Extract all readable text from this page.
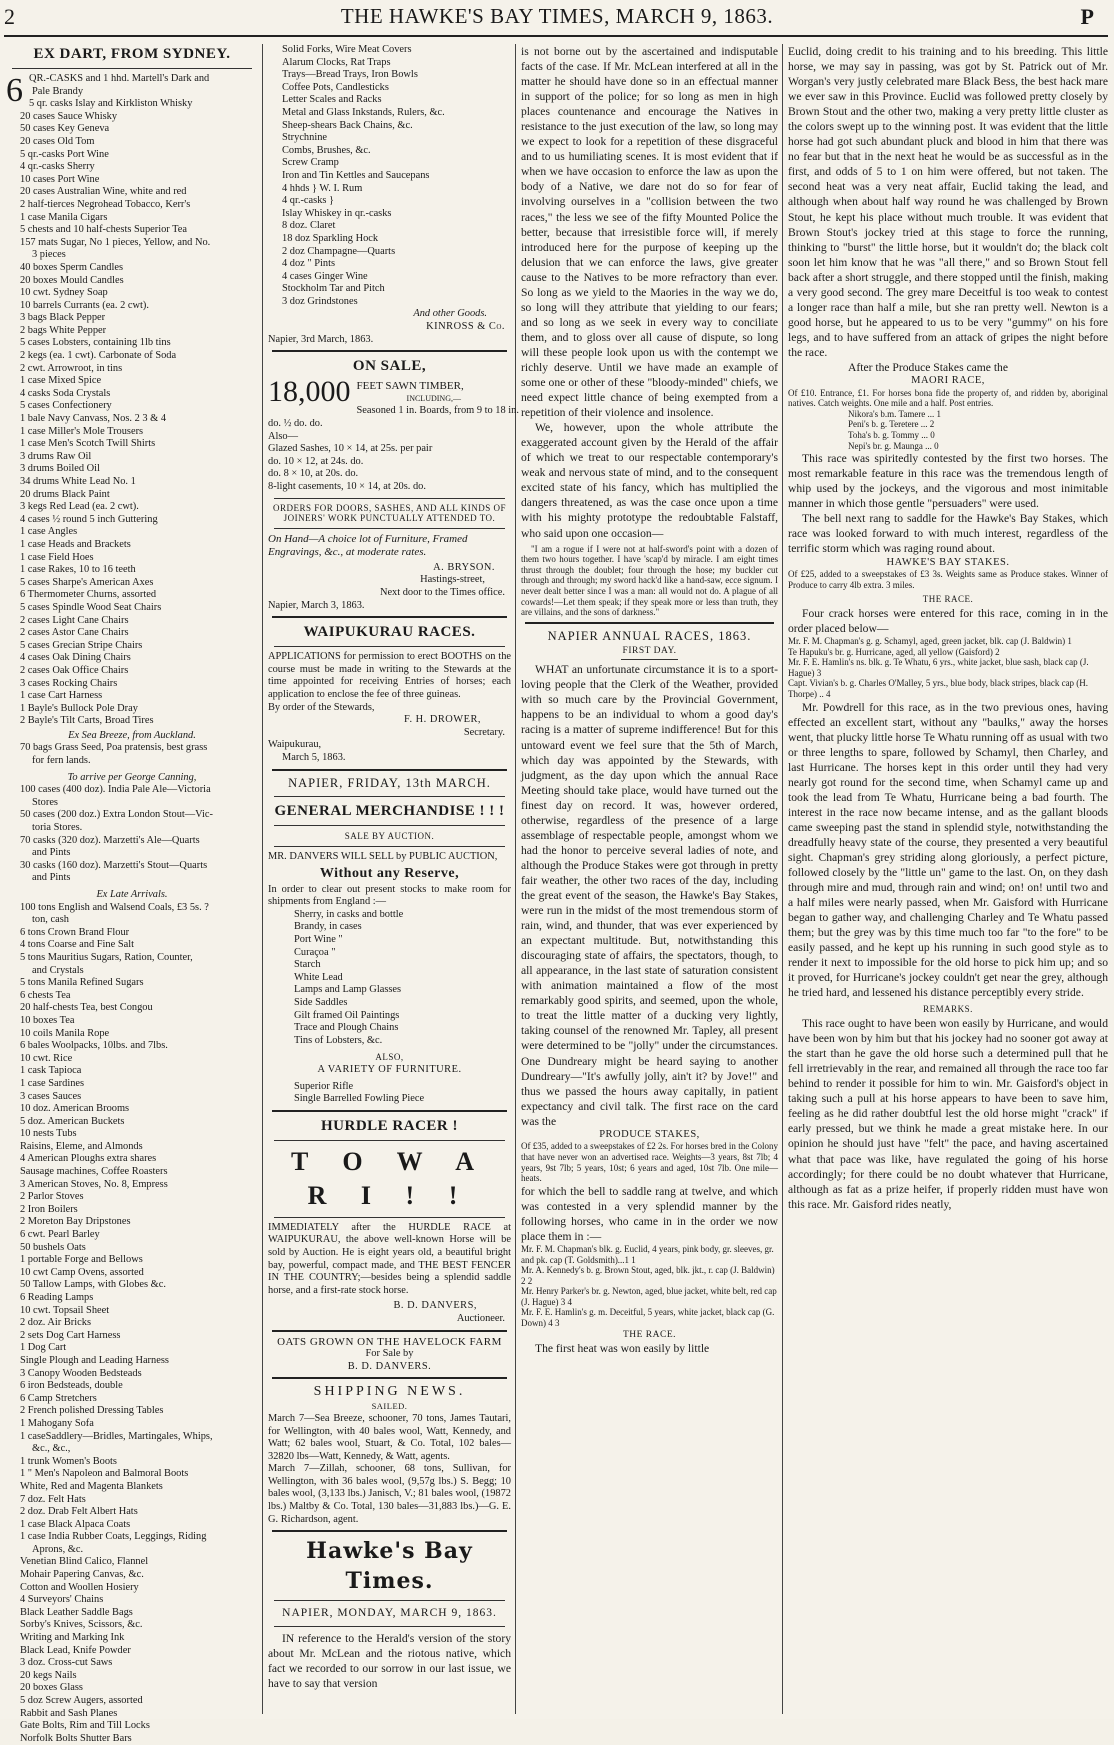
2	THE HAWKE'S BAY TIMES, MARCH 9, 1863.	P
EX DART, FROM SYDNEY.
6 QR.-CASKS and 1 hhd. Martell's Dark and
Pale Brandy
5 qr. casks Islay and Kirkliston Whisky
20 cases Sauce Whisky
50 cases Key Geneva
20 cases Old Tom
5 qr.-casks Port Wine
4 qr.-casks Sherry
10 cases Port Wine
20 cases Australian Wine, white and red
2 half-tierces Negrohead Tobacco, Kerr's
1 case Manila Cigars
5 chests and 10 half-chests Superior Tea
157 mats Sugar, No 1 pieces, Yellow, and No.
3 pieces
40 boxes Sperm Candles
20 boxes Mould Candles
10 cwt. Sydney Soap
10 barrels Currants (ea. 2 cwt).
3 bags Black Pepper
2 bags White Pepper
5 cases Lobsters, containing 1lb tins
2 kegs (ea. 1 cwt). Carbonate of Soda
2 cwt. Arrowroot, in tins
1 case Mixed Spice
4 casks Soda Crystals
5 cases Confectionery
1 bale Navy Canvass, Nos. 2 3 & 4
1 case Miller's Mole Trousers
1 case Men's Scotch Twill Shirts
3 drums Raw Oil
3 drums Boiled Oil
34 drums White Lead No. 1
20 drums Black Paint
3 kegs Red Lead (ea. 2 cwt).
4 cases ½ round 5 inch Guttering
1 case Angles
1 case Heads and Brackets
1 case Field Hoes
1 case Rakes, 10 to 16 teeth
5 cases Sharpe's American Axes
6 Thermometer Churns, assorted
5 cases Spindle Wood Seat Chairs
2 cases Light Cane Chairs
2 cases Astor Cane Chairs
5 cases Grecian Stripe Chairs
4 cases Oak Dining Chairs
2 cases Oak Office Chairs
3 cases Rocking Chairs
1 case Cart Harness
1 Bayle's Bullock Pole Dray
2 Bayle's Tilt Carts, Broad Tires
Ex Sea Breeze, from Auckland.
70 bags Grass Seed, Poa pratensis, best grass
for fern lands.
To arrive per George Canning,
100 cases (400 doz). India Pale Ale—Victoria
Stores
50 cases (200 doz.) Extra London Stout—Vic-
toria Stores.
70 casks (320 doz). Marzetti's Ale—Quarts
and Pints
30 casks (160 doz). Marzetti's Stout—Quarts
and Pints
Ex Late Arrivals.
100 tons English and Walsend Coals, £3 5s. ?
ton, cash
6 tons Crown Brand Flour
4 tons Coarse and Fine Salt
5 tons Mauritius Sugars, Ration, Counter,
and Crystals
5 tons Manila Refined Sugars
6 chests Tea
20 half-chests Tea, best Congou
10 boxes Tea
10 coils Manila Rope
6 bales Woolpacks, 10lbs. and 7lbs.
10 cwt. Rice
1 cask Tapioca
1 case Sardines
3 cases Sauces
10 doz. American Brooms
5 doz. American Buckets
10 nests Tubs
Raisins, Eleme, and Almonds
4 American Ploughs extra shares
Sausage machines, Coffee Roasters
3 American Stoves, No. 8, Empress
2 Parlor Stoves
2 Iron Boilers
2 Moreton Bay Dripstones
6 cwt. Pearl Barley
50 bushels Oats
1 portable Forge and Bellows
10 cwt Camp Ovens, assorted
50 Tallow Lamps, with Globes &c.
6 Reading Lamps
10 cwt. Topsail Sheet
2 doz. Air Bricks
2 sets Dog Cart Harness
1 Dog Cart
Single Plough and Leading Harness
3 Canopy Wooden Bedsteads
6 iron Bedsteads, double
6 Camp Stretchers
2 French polished Dressing Tables
1 Mahogany Sofa
1 caseSaddlery—Bridles, Martingales, Whips,
&c., &c.,
1 trunk Women's Boots
1 " Men's Napoleon and Balmoral Boots
White, Red and Magenta Blankets
7 doz. Felt Hats
2 doz. Drab Felt Albert Hats
1 case Black Alpaca Coats
1 case India Rubber Coats, Leggings, Riding
Aprons, &c.
Venetian Blind Calico, Flannel
Mohair Papering Canvas, &c.
Cotton and Woollen Hosiery
4 Surveyors' Chains
Black Leather Saddle Bags
Sorby's Knives, Scissors, &c.
Writing and Marking Ink
Black Lead, Knife Powder
3 doz. Cross-cut Saws
20 kegs Nails
20 boxes Glass
5 doz Screw Augers, assorted
Rabbit and Sash Planes
Gate Bolts, Rim and Till Locks
Norfolk Bolts Shutter Bars
Solid Forks, Wire Meat Covers
Alarum Clocks, Rat Traps
Trays—Bread Trays, Iron Bowls
Coffee Pots, Candlesticks
Letter Scales and Racks
Metal and Glass Inkstands, Rulers, &c.
Sheep-shears Back Chains, &c.
Strychnine
Combs, Brushes, &c.
Screw Cramp
Iron and Tin Kettles and Saucepans
4 hhds } W. I. Rum
4 qr.-casks }
Islay Whiskey in qr.-casks
8 doz. Claret
18 doz Sparkling Hock
2 doz Champagne—Quarts
4 doz " Pints
4 cases Ginger Wine
Stockholm Tar and Pitch
3 doz Grindstones
And other Goods.
KINROSS & Co.
Napier, 3rd March, 1863.
ON SALE,
18,000 FEET SAWN TIMBER,
INCLUDING,—
Seasoned 1 in. Boards, from 9 to 18 in.
do. ½ do. do.
Also—
Glazed Sashes, 10 × 14, at 25s. per pair
do. 10 × 12, at 24s. do.
do. 8 × 10, at 20s. do.
8-light casements, 10 × 14, at 20s. do.
ORDERS FOR DOORS, SASHES, AND ALL KINDS OF JOINERS' WORK PUNCTUALLY ATTENDED TO.
On Hand—A choice lot of Furniture, Framed Engravings, &c., at moderate rates.
A. BRYSON.
Hastings-street,
Next door to the Times office.
Napier, March 3, 1863.
WAIPUKURAU RACES.
APPLICATIONS for permission to erect BOOTHS on the course must be made in writing to the Stewards at the time appointed for receiving Entries of horses; each application to enclose the fee of three guineas.
By order of the Stewards,
F. H. DROWER,
Secretary.
Waipukurau,
March 5, 1863.
NAPIER, FRIDAY, 13th MARCH.
GENERAL MERCHANDISE ! ! !
SALE BY AUCTION.
MR. DANVERS WILL SELL by PUBLIC AUCTION,
Without any Reserve,
In order to clear out present stocks to make room for shipments from England :—
Sherry, in casks and bottle
Brandy, in cases
Port Wine "
Curaçoa "
Starch
White Lead
Lamps and Lamp Glasses
Side Saddles
Gilt framed Oil Paintings
Trace and Plough Chains
Tins of Lobsters, &c.
ALSO,
A VARIETY OF FURNITURE.
Superior Rifle
Single Barrelled Fowling Piece
HURDLE RACER !
T O W A R I ! !
IMMEDIATELY after the HURDLE RACE at WAIPUKURAU, the above well-known Horse will be sold by Auction. He is eight years old, a beautiful bright bay, powerful, compact made, and THE BEST FENCER IN THE COUNTRY;—besides being a splendid saddle horse, and a first-rate stock horse.
B. D. DANVERS,
Auctioneer.
OATS GROWN ON THE HAVELOCK FARM
For Sale by
B. D. DANVERS.
SHIPPING NEWS.
SAILED.
March 7—Sea Breeze, schooner, 70 tons, James Tautari, for Wellington, with 40 bales wool, Watt, Kennedy, and Watt; 62 bales wool, Stuart, & Co. Total, 102 bales—32820 lbs—Watt, Kennedy, & Watt, agents.
March 7—Zillah, schooner, 68 tons, Sullivan, for Wellington, with 36 bales wool, (9,57g lbs.) S. Begg; 10 bales wool, (3,133 lbs.) Janisch, V.; 81 bales wool, (19872 lbs.) Maltby & Co. Total, 130 bales—31,883 lbs.)—G. E. G. Richardson, agent.
Hawke's Bay Times.
NAPIER, MONDAY, MARCH 9, 1863.

IN reference to the Herald's version of the story about Mr. McLean and the riotous native, which fact we recorded to our sorrow in our last issue, we have to say that version

is not borne out by the ascertained and indisputable facts of the case. If Mr. McLean interfered at all in the matter he should have done so in an effectual manner in support of the police; for so long as men in high places countenance and encourage the Natives in resistance to the just execution of the law, so long may we expect to look for a repetition of these disgraceful and to us humiliating scenes. It is most evident that if when we have occasion to enforce the law as upon the body of a Native, we dare not do so for fear of involving ourselves in a "collision between the two races," the less we see of the fifty Mounted Police the better, because that irresistible force will, if merely introduced here for the purpose of keeping up the delusion that we can enforce the laws, give greater cause to the Natives to be more refractory than ever. So long as we yield to the Maories in the way we do, so long will they attribute that yielding to our fears; and so long as we seek in every way to conciliate them, and to gloss over all cause of dispute, so long will these people look upon us with the contempt we richly deserve. Until we have made an example of some one or other of these "bloody-minded" chiefs, we need expect little chance of being exempted from a repetition of their violence and insolence.

We, however, upon the whole attribute the exaggerated account given by the Herald of the affair of which we treat to our respectable contemporary's weak and nervous state of mind, and to the consequent excited state of his fancy, which has multiplied the dangers threatened, as was the case once upon a time with his mighty prototype the redoubtable Falstaff, who said upon one occasion—

"I am a rogue if I were not at half-sword's point with a dozen of them two hours together. I have 'scap'd by miracle. I am eight times thrust through the doublet; four through the hose; my buckler cut through and through; my sword hack'd like a hand-saw, ecce signum. I never dealt better since I was a man: all would not do. A plague of all cowards!—Let them speak; if they speak more or less than truth, they are villains, and the sons of darkness."
NAPIER ANNUAL RACES, 1863.
FIRST DAY.

WHAT an unfortunate circumstance it is to a sport-loving people that the Clerk of the Weather, provided with so much care by the Provincial Government, happens to be an individual to whom a good day's racing is a matter of supreme indifference! But for this untoward event we feel sure that the 5th of March, which day was appointed by the Stewards, with judgment, as the day upon which the annual Race Meeting should take place, would have turned out the finest day on record. It was, however ordered, otherwise, regardless of the presence of a large assemblage of respectable people, amongst whom we had the honor to perceive several ladies of note, and although the Produce Stakes were got through in pretty fair weather, the other two races of the day, including the great event of the season, the Hawke's Bay Stakes, were run in the midst of the most tremendous storm of rain, wind, and thunder, that was ever experienced by an expectant multitude. But, notwithstanding this discouraging state of affairs, the spectators, though, to all appearance, in the last state of saturation consistent with animation maintained a flow of the most remarkably good spirits, and seemed, upon the whole, to treat the little matter of a ducking very lightly, taking counsel of the renowned Mr. Tapley, all present were determined to be "jolly" under the circumstances. One Dundreary might be heard saying to another Dundreary—"It's awfully jolly, ain't it? by Jove!" and thus we passed the hours away capitally, in patient expectancy and civil talk. The first race on the card was the

PRODUCE STAKES,
Of £35, added to a sweepstakes of £2 2s. For horses bred in the Colony that have never won an advertised race. Weights—3 years, 8st 7lb; 4 years, 9st 7lb; 5 years, 10st; 6 years and aged, 10st 7lb. One mile—heats.

for which the bell to saddle rang at twelve, and which was contested in a very splendid manner by the following horses, who came in in the order we now place them in :—

Mr. F. M. Chapman's blk. g. Euclid, 4 years, pink body, gr. sleeves, gr. and pk. cap (T. Goldsmith)...1 1
Mr. A. Kennedy's b. g. Brown Stout, aged, blk. jkt., r. cap (J. Baldwin) 2 2
Mr. Henry Parker's br. g. Newton, aged, blue jacket, white belt, red cap (J. Hague) 3 4
Mr. F. E. Hamlin's g. m. Deceitful, 5 years, white jacket, black cap (G. Down) 4 3
THE RACE.

The first heat was won easily by little

Euclid, doing credit to his training and to his breeding. This little horse, we may say in passing, was got by St. Patrick out of Mr. Worgan's very justly celebrated mare Black Bess, the best hack mare we ever saw in this Province. Euclid was followed pretty closely by Brown Stout and the other two, making a very pretty little cluster as the colors swept up to the winning post. It was evident that the little horse had got such abundant pluck and blood in him that there was no fear but that in the next heat he would be as successful as in the first, and odds of 5 to 1 on him were offered, but not taken. The second heat was a very neat affair, Euclid taking the lead, and although when about half way round he was challenged by Brown Stout, he kept his place without much trouble. It was evident that Brown Stout's jockey tried at this stage to force the running, thinking to "burst" the little horse, but it wouldn't do; the black colt soon let him know that he was "all there," and so Brown Stout fell back after a short struggle, and there stopped until the finish, making a very good second. The grey mare Deceitful is too weak to contest a longer race than half a mile, but she ran pretty well. Newton is a good horse, but he appeared to us to be very "gummy" on his fore legs, and to have suffered from an attack of gripes the night before the race.

After the Produce Stakes came the

MAORI RACE,
Of £10. Entrance, £1. For horses bona fide the property of, and ridden by, aboriginal natives. Catch weights. One mile and a half. Post entries.
Nikora's b.m. Tamere ... 1
Peni's b. g. Teretere ... 2
Toha's b. g. Tommy ... 0
Nepi's br. g. Maunga ... 0

This race was spiritedly contested by the first two horses. The most remarkable feature in this race was the tremendous length of whip used by the jockeys, and the vigorous and most inimitable manner in which those gentle "persuaders" were used.

The bell next rang to saddle for the Hawke's Bay Stakes, which race was looked forward to with much interest, regardless of the terrific storm which was raging round about.

HAWKE'S BAY STAKES.
Of £25, added to a sweepstakes of £3 3s. Weights same as Produce stakes. Winner of Produce to carry 4lb extra. 3 miles.
THE RACE.

Four crack horses were entered for this race, coming in in the order placed below—

Mr. F. M. Chapman's g. g. Schamyl, aged, green jacket, blk. cap (J. Baldwin) 1
Te Hapuku's br. g. Hurricane, aged, all yellow (Gaisford) 2
Mr. F. E. Hamlin's ns. blk. g. Te Whatu, 6 yrs., white jacket, blue sash, black cap (J. Hague) 3
Capt. Vivian's b. g. Charles O'Malley, 5 yrs., blue body, black stripes, black cap (H. Thorpe) .. 4

Mr. Powdrell for this race, as in the two previous ones, having effected an excellent start, without any "baulks," away the horses went, that plucky little horse Te Whatu running off as usual with two or three lengths to spare, followed by Schamyl, then Charley, and last Hurricane. The horses kept in this order until they had very nearly got round for the second time, when Schamyl came up and took the lead from Te Whatu, Hurricane being a bad fourth. The interest in the race now became intense, and as the gallant bloods came sweeping past the stand in splendid style, notwithstanding the dreadfully heavy state of the course, they presented a very beautiful sight. Chapman's grey striding along gloriously, a perfect picture, followed closely by the "little un" game to the last. On, on they dash through mire and mud, through rain and wind; on! on! until two and a half miles were nearly passed, when Mr. Gaisford with Hurricane began to gather way, and challenging Charley and Te Whatu passed them; but the grey was by this time much too far "to the fore" to be easily passed, and he kept up his running in such good style as to render it next to impossible for the old horse to pick him up; and so it proved, for Hurricane's jockey couldn't get near the grey, although he tried hard, and lessened his distance perceptibly every stride.

REMARKS.

This race ought to have been won easily by Hurricane, and would have been won by him but that his jockey had no sooner got away at the start than he gave the old horse such a determined pull that he fell irretrievably in the rear, and remained all through the race too far behind to render it possible for him to win. Mr. Gaisford's object in taking such a pull at his horse appears to have been to save him, feeling as he did rather doubtful lest the old horse might "crack" if early pressed, but we think he made a great mistake here. In our opinion he should just have "felt" the pace, and having ascertained what that pace was like, have regulated the going of his horse accordingly; for there could be no doubt whatever that Hurricane, although as fat as a prize heifer, if properly ridden must have won this race. Mr. Gaisford rides neatly,
